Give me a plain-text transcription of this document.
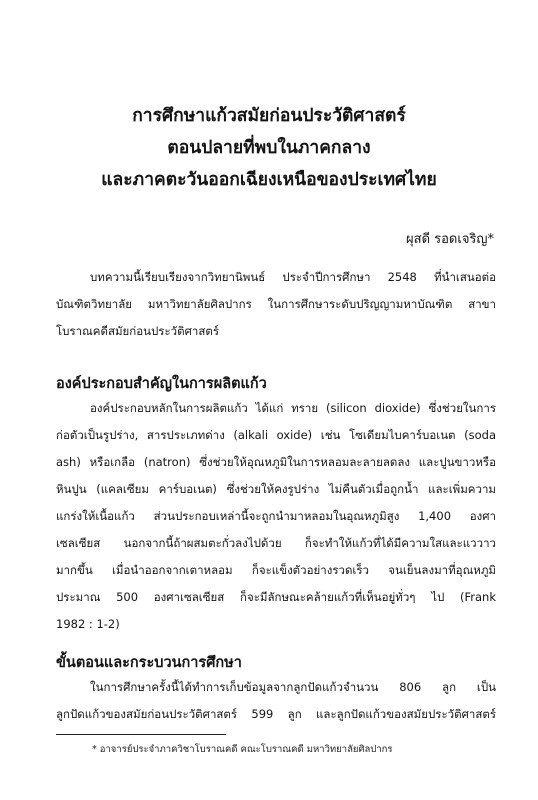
การศึกษาแก้วสมัยก่อนประวัติศาสตร์
ตอนปลายที่พบในภาคกลาง
และภาคตะวันออกเฉียงเหนือของประเทศไทย
ผุสดี รอดเจริญ*
บทความนี้เรียบเรียงจากวิทยานิพนธ์ ประจำปีการศึกษา 2548 ที่นำเสนอต่อ
บัณฑิตวิทยาลัย มหาวิทยาลัยศิลปากร ในการศึกษาระดับปริญญามหาบัณฑิต สาขา
โบราณคดีสมัยก่อนประวัติศาสตร์
องค์ประกอบสำคัญในการผลิตแก้ว
องค์ประกอบหลักในการผลิตแก้ว ได้แก่ ทราย (silicon dioxide) ซึ่งช่วยในการ
ก่อตัวเป็นรูปร่าง, สารประเภทด่าง (alkali oxide) เช่น โซเดียมไบคาร์บอเนต (soda
ash) หรือเกลือ (natron) ซึ่งช่วยให้อุณหภูมิในการหลอมละลายลดลง และปูนขาวหรือ
หินปูน (แคลเซียม คาร์บอเนต) ซึ่งช่วยให้คงรูปร่าง ไม่คืนตัวเมื่อถูกน้ำ และเพิ่มความ
แกร่งให้เนื้อแก้ว ส่วนประกอบเหล่านี้จะถูกนำมาหลอมในอุณหภูมิสูง 1,400 องศา
เซลเซียส นอกจากนี้ถ้าผสมตะกั่วลงไปด้วย ก็จะทำให้แก้วที่ได้มีความใสและแววาว
มากขึ้น เมื่อนำออกจากเตาหลอม ก็จะแข็งตัวอย่างรวดเร็ว จนเย็นลงมาที่อุณหภูมิ
ประมาณ 500 องศาเซลเซียส ก็จะมีลักษณะคล้ายแก้วที่เห็นอยู่ทั่วๆ ไป (Frank
1982 : 1-2)
ขั้นตอนและกระบวนการศึกษา
ในการศึกษาครั้งนี้ได้ทำการเก็บข้อมูลจากลูกปัดแก้วจำนวน 806 ลูก เป็น
ลูกปัดแก้วของสมัยก่อนประวัติศาสตร์ 599 ลูก และลูกปัดแก้วของสมัยประวัติศาสตร์
* อาจารย์ประจำภาควิชาโบราณคดี คณะโบราณคดี มหาวิทยาลัยศิลปากร
